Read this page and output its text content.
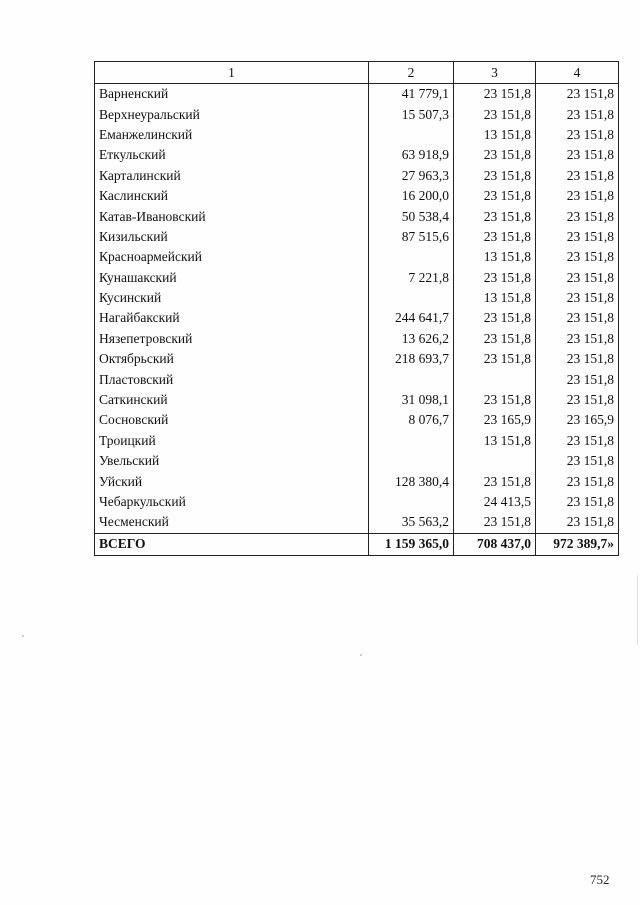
1	2	3	4
Варненский	41 779,1	23 151,8	23 151,8
Верхнеуральский	15 507,3	23 151,8	23 151,8
Еманжелинский		13 151,8	23 151,8
Еткульский	63 918,9	23 151,8	23 151,8
Карталинский	27 963,3	23 151,8	23 151,8
Каслинский	16 200,0	23 151,8	23 151,8
Катав-Ивановский	50 538,4	23 151,8	23 151,8
Кизильский	87 515,6	23 151,8	23 151,8
Красноармейский		13 151,8	23 151,8
Кунашакский	7 221,8	23 151,8	23 151,8
Кусинский		13 151,8	23 151,8
Нагайбакский	244 641,7	23 151,8	23 151,8
Нязепетровский	13 626,2	23 151,8	23 151,8
Октябрьский	218 693,7	23 151,8	23 151,8
Пластовский			23 151,8
Саткинский	31 098,1	23 151,8	23 151,8
Сосновский	8 076,7	23 165,9	23 165,9
Троицкий		13 151,8	23 151,8
Увельский			23 151,8
Уйский	128 380,4	23 151,8	23 151,8
Чебаркульский		24 413,5	23 151,8
Чесменский	35 563,2	23 151,8	23 151,8
ВСЕГО	1 159 365,0	708 437,0	972 389,7»
752
